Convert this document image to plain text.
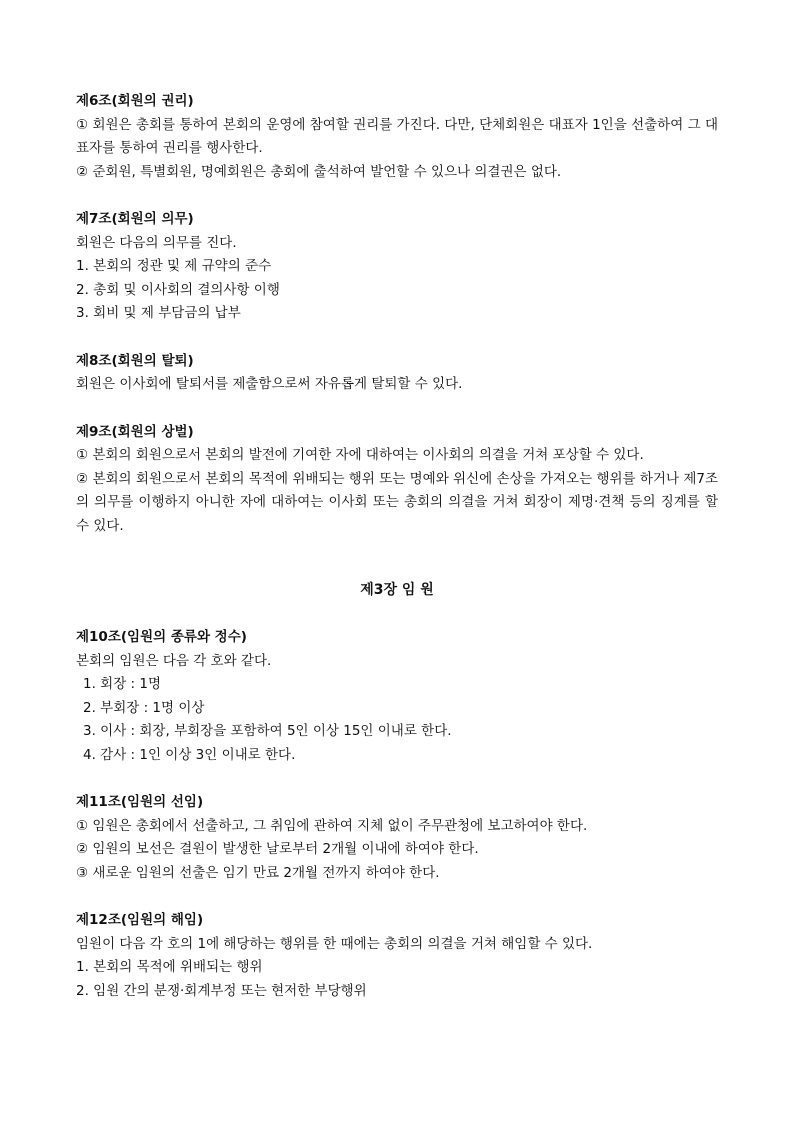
제6조(회원의 권리)
① 회원은 총회를 통하여 본회의 운영에 참여할 권리를 가진다. 다만, 단체회원은 대표자 1인을 선출하여 그 대표자를 통하여 권리를 행사한다.
② 준회원, 특별회원, 명예회원은 총회에 출석하여 발언할 수 있으나 의결권은 없다.
제7조(회원의 의무)
회원은 다음의 의무를 진다.
1. 본회의 정관 및 제 규약의 준수
2. 총회 및 이사회의 결의사항 이행
3. 회비 및 제 부담금의 납부
제8조(회원의 탈퇴)
회원은 이사회에 탈퇴서를 제출함으로써 자유롭게 탈퇴할 수 있다.
제9조(회원의 상벌)
① 본회의 회원으로서 본회의 발전에 기여한 자에 대하여는 이사회의 의결을 거쳐 포상할 수 있다.
② 본회의 회원으로서 본회의 목적에 위배되는 행위 또는 명예와 위신에 손상을 가져오는 행위를 하거나 제7조의 의무를 이행하지 아니한 자에 대하여는 이사회 또는 총회의 의결을 거쳐 회장이 제명·견책 등의 징계를 할 수 있다.
제3장 임 원
제10조(임원의 종류와 정수)
본회의 임원은 다음 각 호와 같다.
1. 회장 : 1명
2. 부회장 : 1명 이상
3. 이사 : 회장, 부회장을 포함하여 5인 이상 15인 이내로 한다.
4. 감사 : 1인 이상 3인 이내로 한다.
제11조(임원의 선임)
① 임원은 총회에서 선출하고, 그 취임에 관하여 지체 없이 주무관청에 보고하여야 한다.
② 임원의 보선은 결원이 발생한 날로부터 2개월 이내에 하여야 한다.
③ 새로운 임원의 선출은 임기 만료 2개월 전까지 하여야 한다.
제12조(임원의 해임)
임원이 다음 각 호의 1에 해당하는 행위를 한 때에는 총회의 의결을 거쳐 해임할 수 있다.
1. 본회의 목적에 위배되는 행위
2. 임원 간의 분쟁·회계부정 또는 현저한 부당행위
